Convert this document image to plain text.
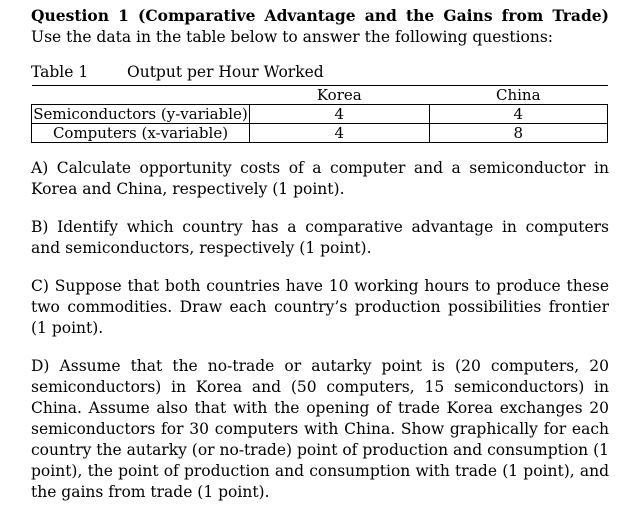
Question 1 (Comparative Advantage and the Gains from Trade) Use the data in the table below to answer the following questions:

Table 1	Output per Hour Worked
	Korea	China
Semiconductors (y-variable)	4	4
Computers (x-variable)	4	8

A) Calculate opportunity costs of a computer and a semiconductor in Korea and China, respectively (1 point).

B) Identify which country has a comparative advantage in computers and semiconductors, respectively (1 point).

C) Suppose that both countries have 10 working hours to produce these two commodities. Draw each country’s production possibilities frontier (1 point).

D) Assume that the no-trade or autarky point is (20 computers, 20 semiconductors) in Korea and (50 computers, 15 semiconductors) in China. Assume also that with the opening of trade Korea exchanges 20 semiconductors for 30 computers with China. Show graphically for each country the autarky (or no-trade) point of production and consumption (1 point), the point of production and consumption with trade (1 point), and the gains from trade (1 point).
